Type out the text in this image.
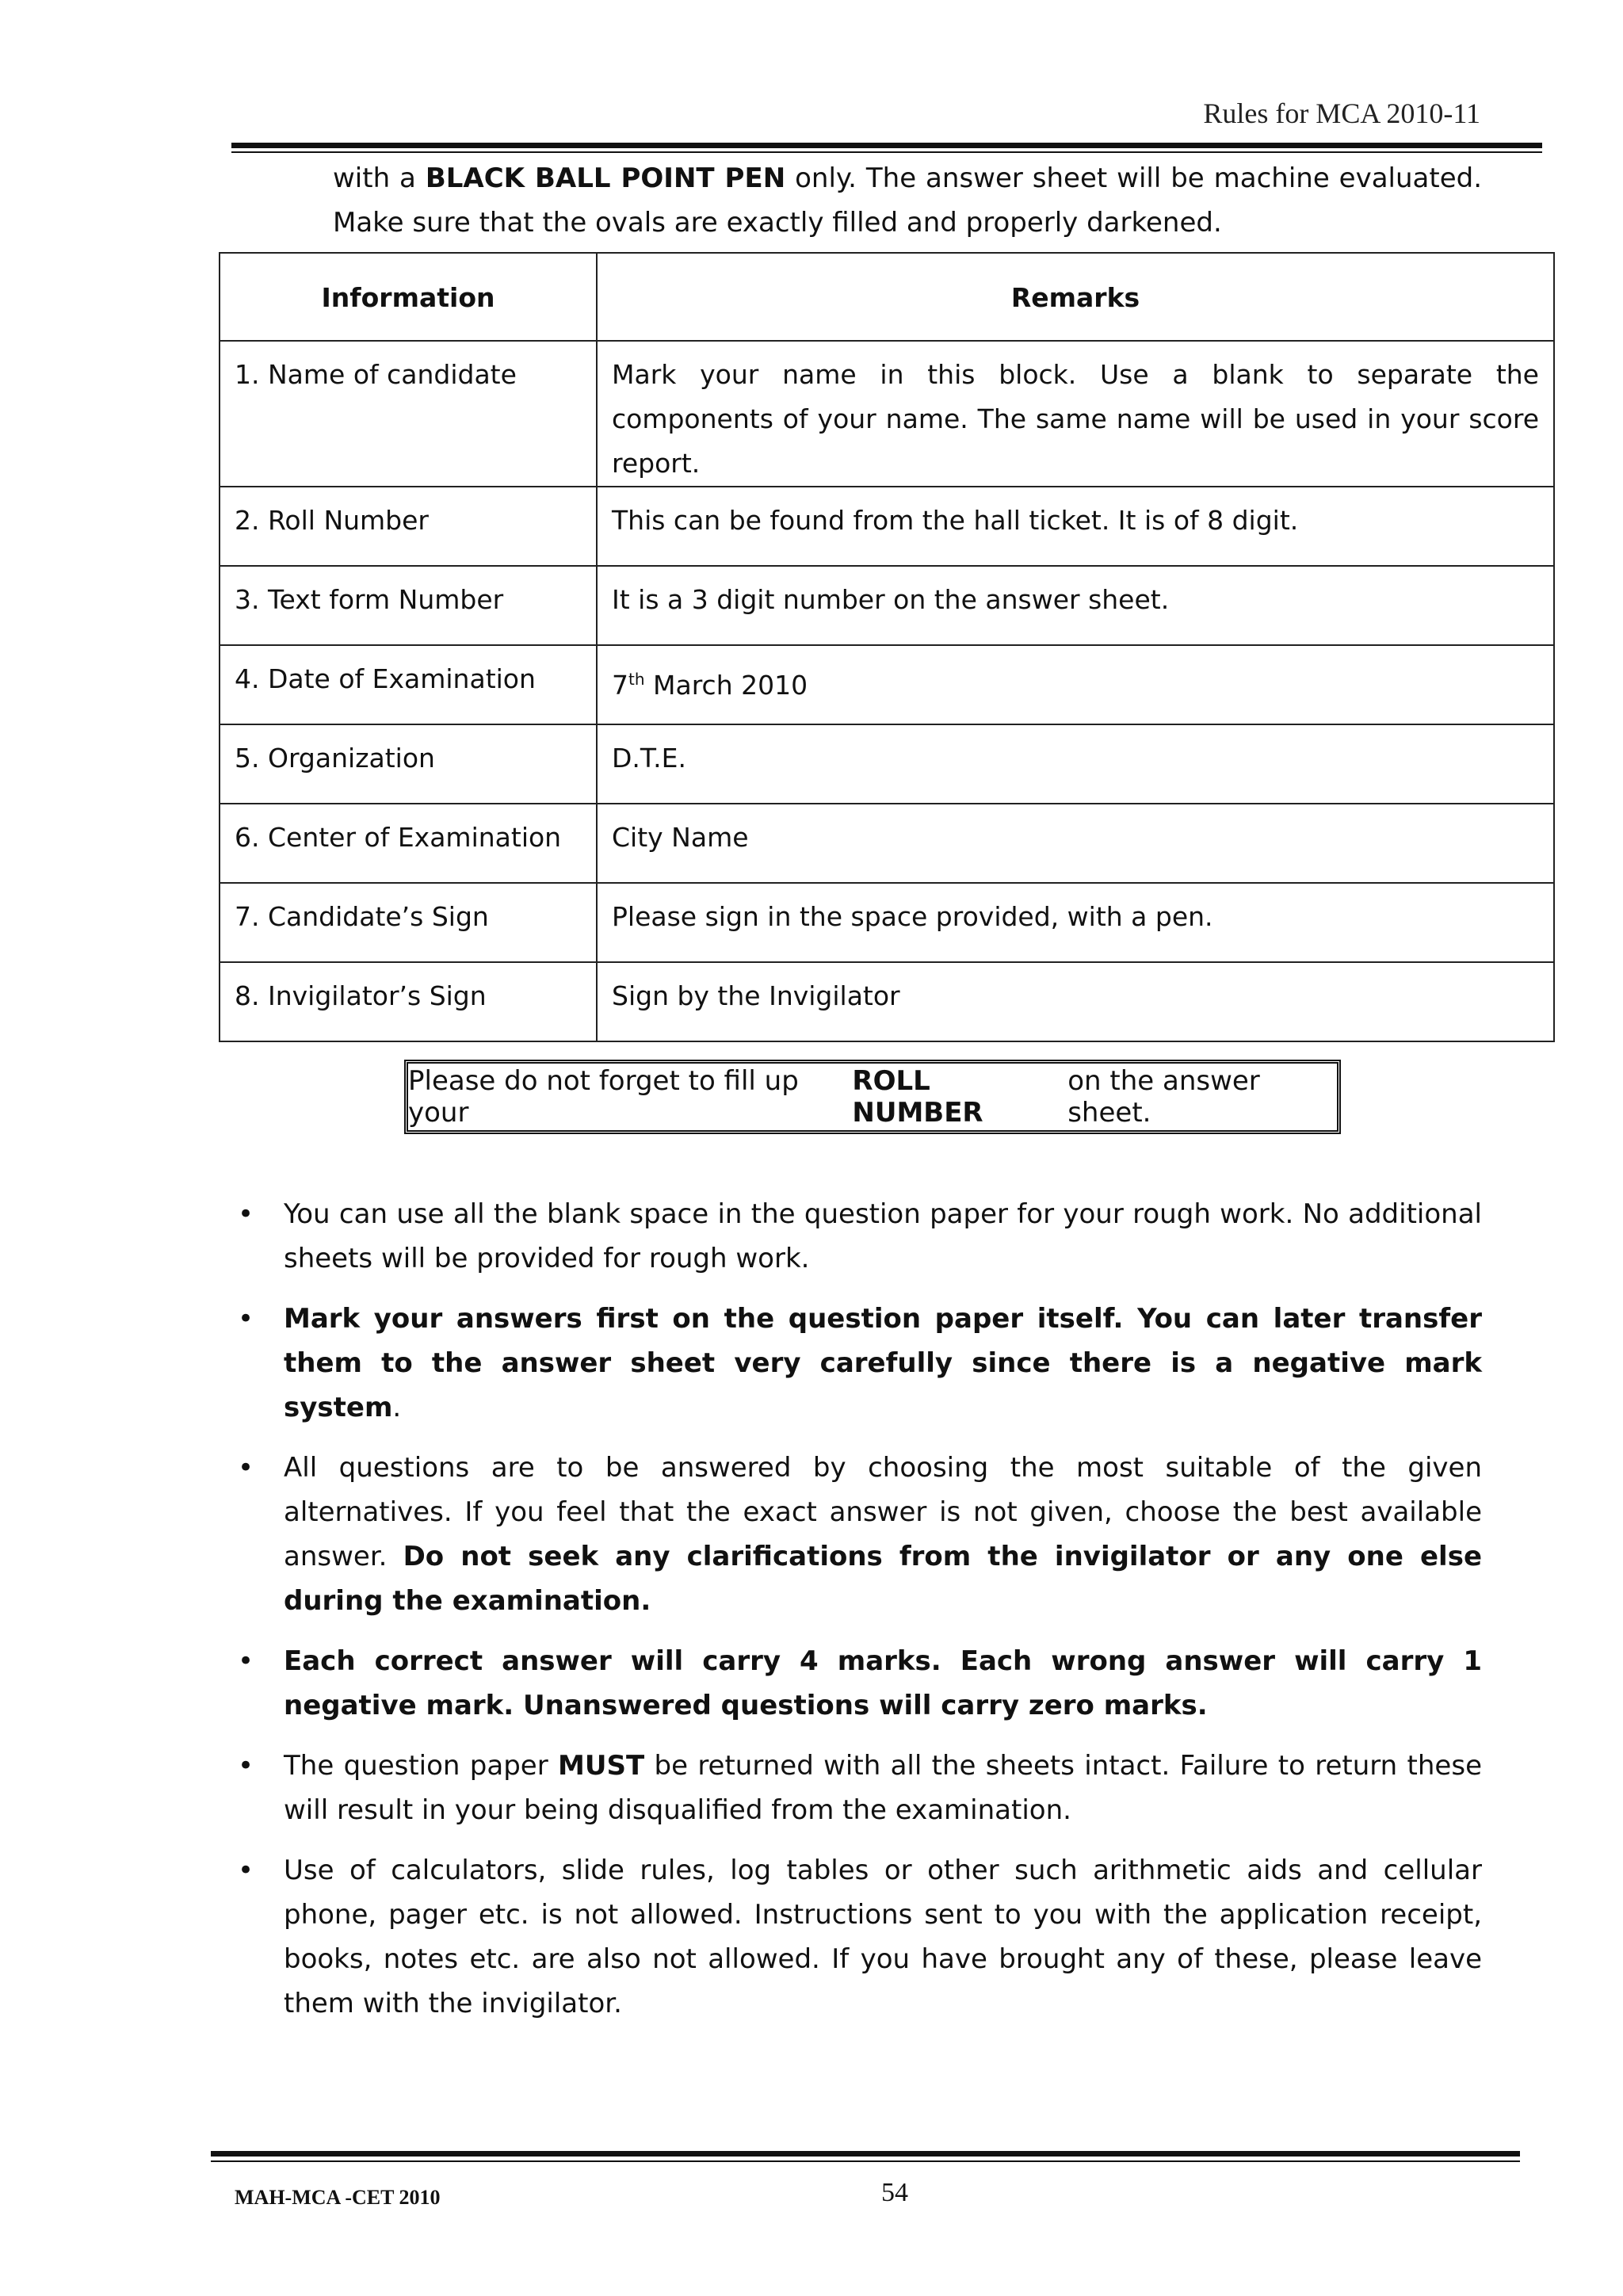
Rules for MCA 2010-11
with a BLACK BALL POINT PEN only. The answer sheet will be machine evaluated. Make sure that the ovals are exactly filled and properly darkened.
Information	Remarks
1. Name of candidate	Mark your name in this block. Use a blank to separate the components of your name. The same name will be used in your score report.
2. Roll Number	This can be found from the hall ticket. It is of 8 digit.
3. Text form Number	It is a 3 digit number on the answer sheet.
4. Date of Examination	7th March 2010
5. Organization	D.T.E.
6. Center of Examination	City Name
7. Candidate’s Sign	Please sign in the space provided, with a pen.
8. Invigilator’s Sign	Sign by the Invigilator
Please do not forget to fill up your

ROLL NUMBER

on the answer sheet.
• You can use all the blank space in the question paper for your rough work. No additional sheets will be provided for rough work.
• Mark your answers first on the question paper itself. You can later transfer them to the answer sheet very carefully since there is a negative mark system.
• All questions are to be answered by choosing the most suitable of the given alternatives. If you feel that the exact answer is not given, choose the best available answer. Do not seek any clarifications from the invigilator or any one else during the examination.
• Each correct answer will carry 4 marks. Each wrong answer will carry 1 negative mark. Unanswered questions will carry zero marks.
• The question paper MUST be returned with all the sheets intact. Failure to return these will result in your being disqualified from the examination.
• Use of calculators, slide rules, log tables or other such arithmetic aids and cellular phone, pager etc. is not allowed. Instructions sent to you with the application receipt, books, notes etc. are also not allowed. If you have brought any of these, please leave them with the invigilator.
MAH-MCA -CET 2010	54
